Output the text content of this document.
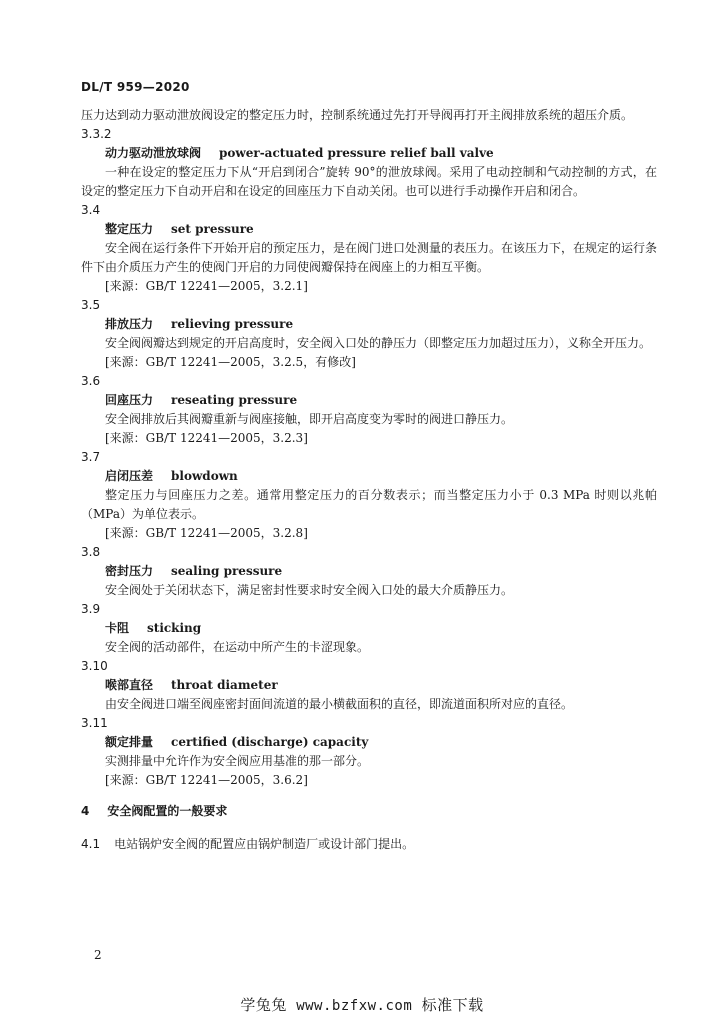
DL/T 959—2020

压力达到动力驱动泄放阀设定的整定压力时，控制系统通过先打开导阀再打开主阀排放系统的超压介质。

3.3.2

动力驱动泄放球阀 power-actuated pressure relief ball valve

一种在设定的整定压力下从“开启到闭合”旋转 90°的泄放球阀。采用了电动控制和气动控制的方式，在设定的整定压力下自动开启和在设定的回座压力下自动关闭。也可以进行手动操作开启和闭合。

3.4

整定压力 set pressure

安全阀在运行条件下开始开启的预定压力，是在阀门进口处测量的表压力。在该压力下，在规定的运行条件下由介质压力产生的使阀门开启的力同使阀瓣保持在阀座上的力相互平衡。

[来源：GB/T 12241—2005，3.2.1]

3.5

排放压力 relieving pressure

安全阀阀瓣达到规定的开启高度时，安全阀入口处的静压力（即整定压力加超过压力），义称全开压力。

[来源：GB/T 12241—2005，3.2.5，有修改]

3.6

回座压力 reseating pressure

安全阀排放后其阀瓣重新与阀座接触，即开启高度变为零时的阀进口静压力。

[来源：GB/T 12241—2005，3.2.3]

3.7

启闭压差 blowdown

整定压力与回座压力之差。通常用整定压力的百分数表示；而当整定压力小于 0.3 MPa 时则以兆帕（MPa）为单位表示。

[来源：GB/T 12241—2005，3.2.8]

3.8

密封压力 sealing pressure

安全阀处于关闭状态下，满足密封性要求时安全阀入口处的最大介质静压力。

3.9

卡阻 sticking

安全阀的活动部件，在运动中所产生的卡涩现象。

3.10

喉部直径 throat diameter

由安全阀进口端至阀座密封面间流道的最小横截面积的直径，即流道面积所对应的直径。

3.11

额定排量 certified (discharge) capacity

实测排量中允许作为安全阀应用基准的那一部分。

[来源：GB/T 12241—2005，3.6.2]

4 安全阀配置的一般要求

4.1 电站锅炉安全阀的配置应由锅炉制造厂或设计部门提出。

2
学兔兔 www.bzfxw.com 标准下载
